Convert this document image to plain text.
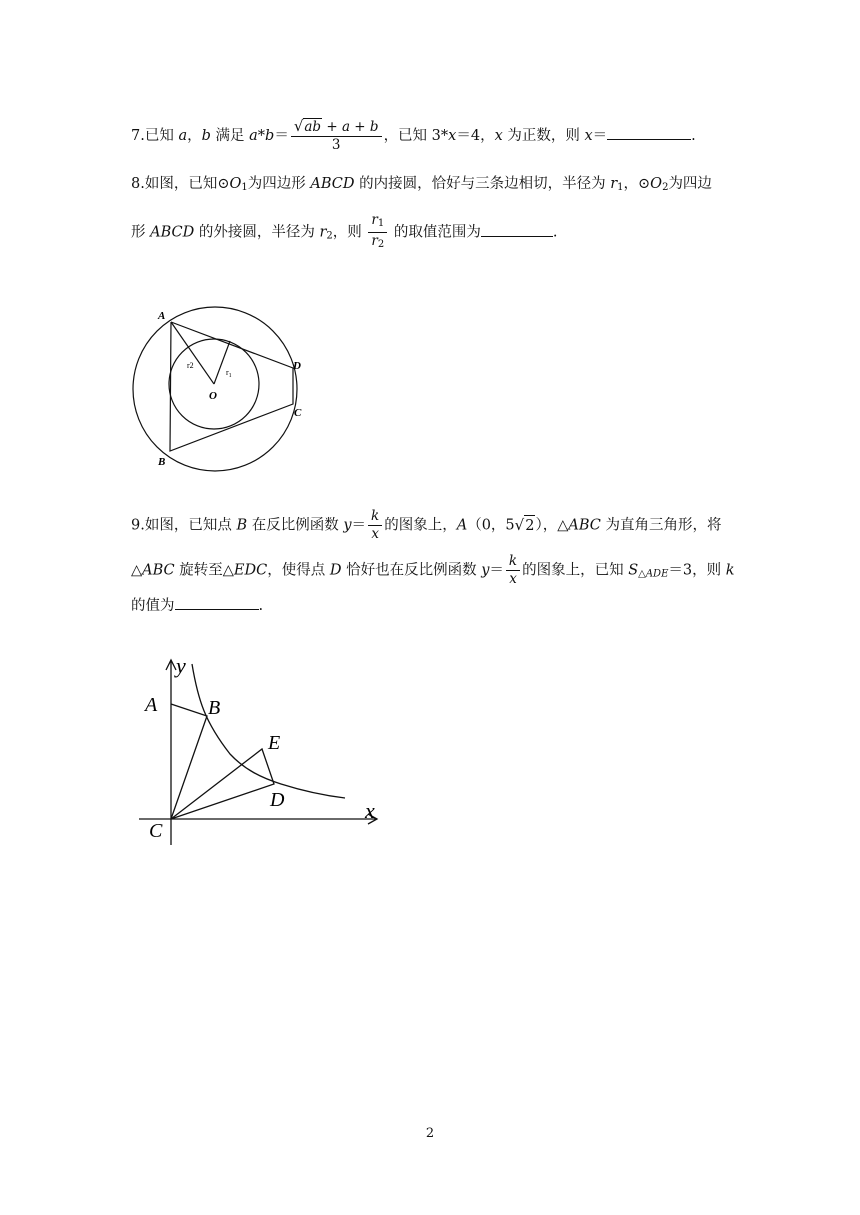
7.已知 a，b 满足 $a*b= \frac{√ab + a + b}{3}$ ，已知 3*x＝4，x 为正数，则 x＝	.
8.如图，已知$⊙O_1$为四边形 ABCD 的内接圆，恰好与三条边相切，半径为 $r_1$，$⊙O_2$为四边
形 ABCD 的外接圆，半径为 $r_2$，则 $\frac{r_1}{r_2}$ 的取值范围为	.
A
B
C
D
O
r2
$r_1$
9.如图，已知点 B 在反比例函数 $y= \frac{k}{x}$ 的图象上，A（0，5√2），△ABC 为直角三角形，将
△ABC 旋转至△EDC，使得点 D 恰好也在反比例函数 $y= \frac{k}{x}$ 的图象上，已知 $S_{\triangle ADE}=3$，则 k
的值为	.
y
x
A	B
C
D
E
2
